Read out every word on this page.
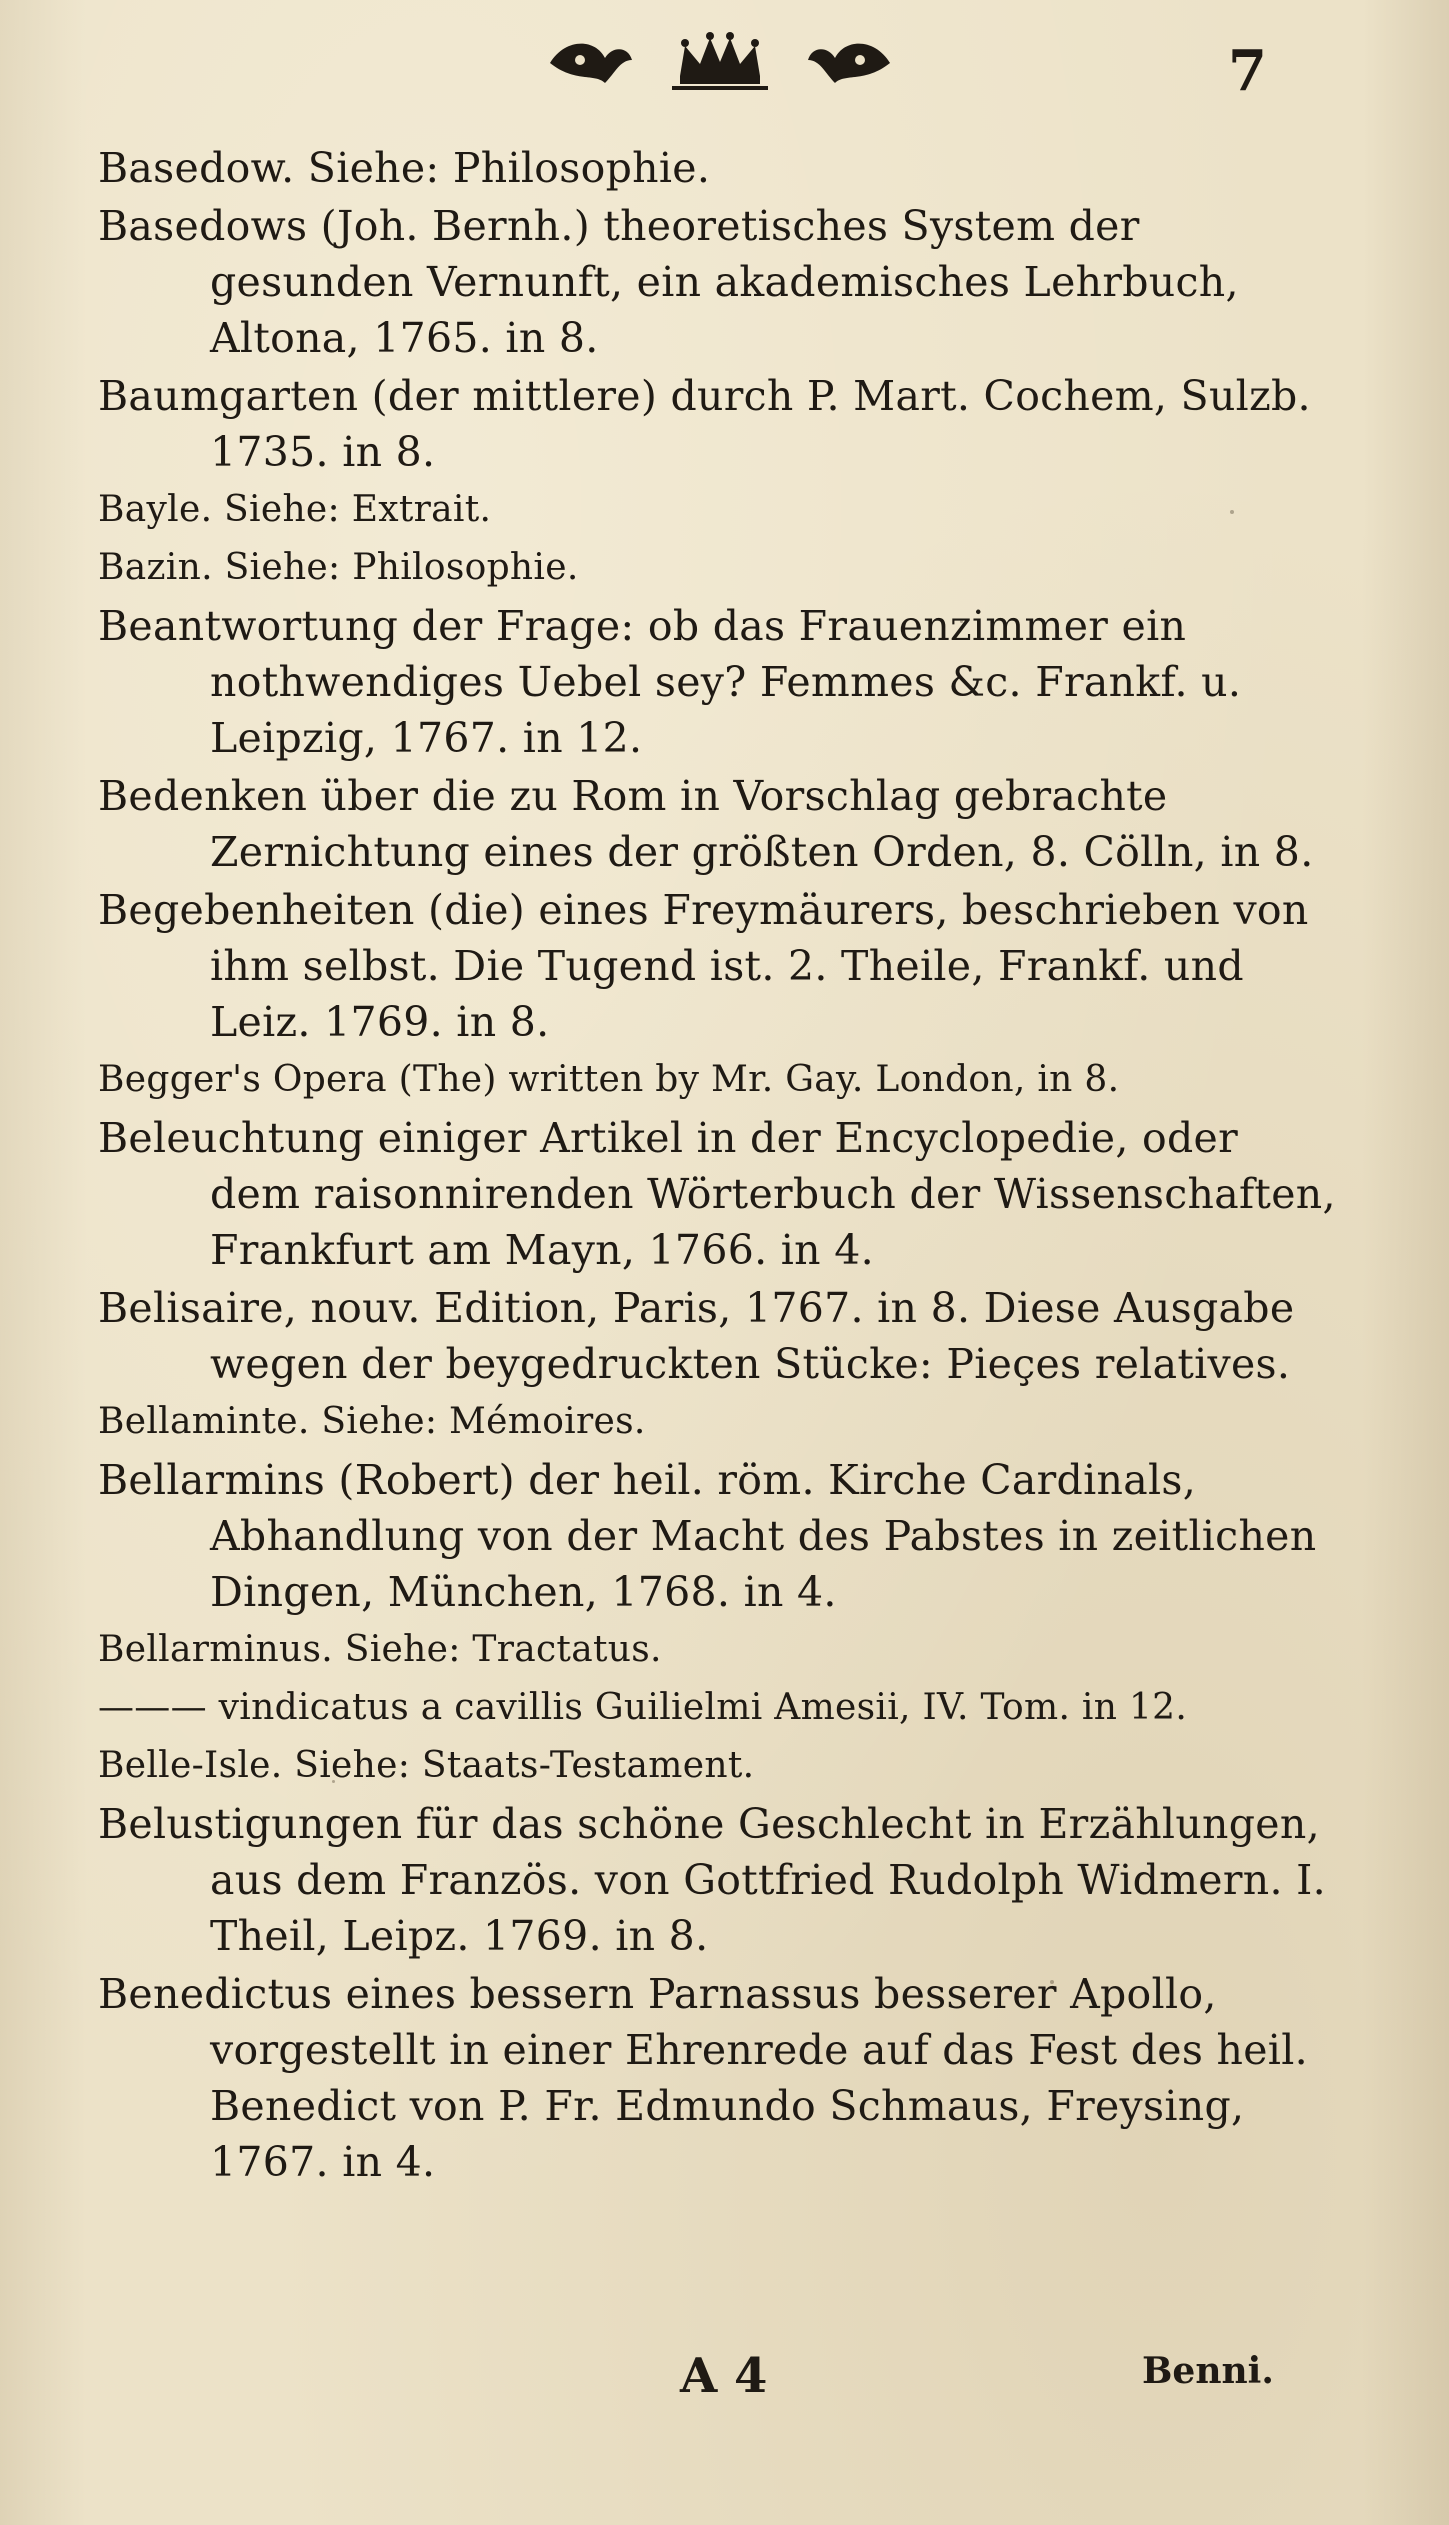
7
Basedow. Siehe: Philosophie.
Basedows (Joh. Bernh.) theoretisches System der gesunden Vernunft, ein akademisches Lehrbuch, Altona, 1765. in 8.
Baumgarten (der mittlere) durch P. Mart. Cochem, Sulzb. 1735. in 8.
Bayle. Siehe: Extrait.
Bazin. Siehe: Philosophie.
Beantwortung der Frage: ob das Frauenzimmer ein nothwendiges Uebel sey? Femmes &c. Frankf. u. Leipzig, 1767. in 12.
Bedenken über die zu Rom in Vorschlag gebrachte Zernichtung eines der größten Orden, 8. Cölln, in 8.
Begebenheiten (die) eines Freymäurers, beschrieben von ihm selbst. Die Tugend ist. 2. Theile, Frankf. und Leiz. 1769. in 8.
Begger's Opera (The) written by Mr. Gay. London, in 8.
Beleuchtung einiger Artikel in der Encyclopedie, oder dem raisonnirenden Wörterbuch der Wissenschaften, Frankfurt am Mayn, 1766. in 4.
Belisaire, nouv. Edition, Paris, 1767. in 8. Diese Ausgabe wegen der beygedruckten Stücke: Pieçes relatives.
Bellaminte. Siehe: Mémoires.
Bellarmins (Robert) der heil. röm. Kirche Cardinals, Abhandlung von der Macht des Pabstes in zeitlichen Dingen, München, 1768. in 4.
Bellarminus. Siehe: Tractatus.
——— vindicatus a cavillis Guilielmi Amesii, IV. Tom. in 12.
Belle-Isle. Siehe: Staats-Testament.
Belustigungen für das schöne Geschlecht in Erzählungen, aus dem Französ. von Gottfried Rudolph Widmern. I. Theil, Leipz. 1769. in 8.
Benedictus eines bessern Parnassus besserer Apollo, vorgestellt in einer Ehrenrede auf das Fest des heil. Benedict von P. Fr. Edmundo Schmaus, Freysing, 1767. in 4.
A 4	Benni.
